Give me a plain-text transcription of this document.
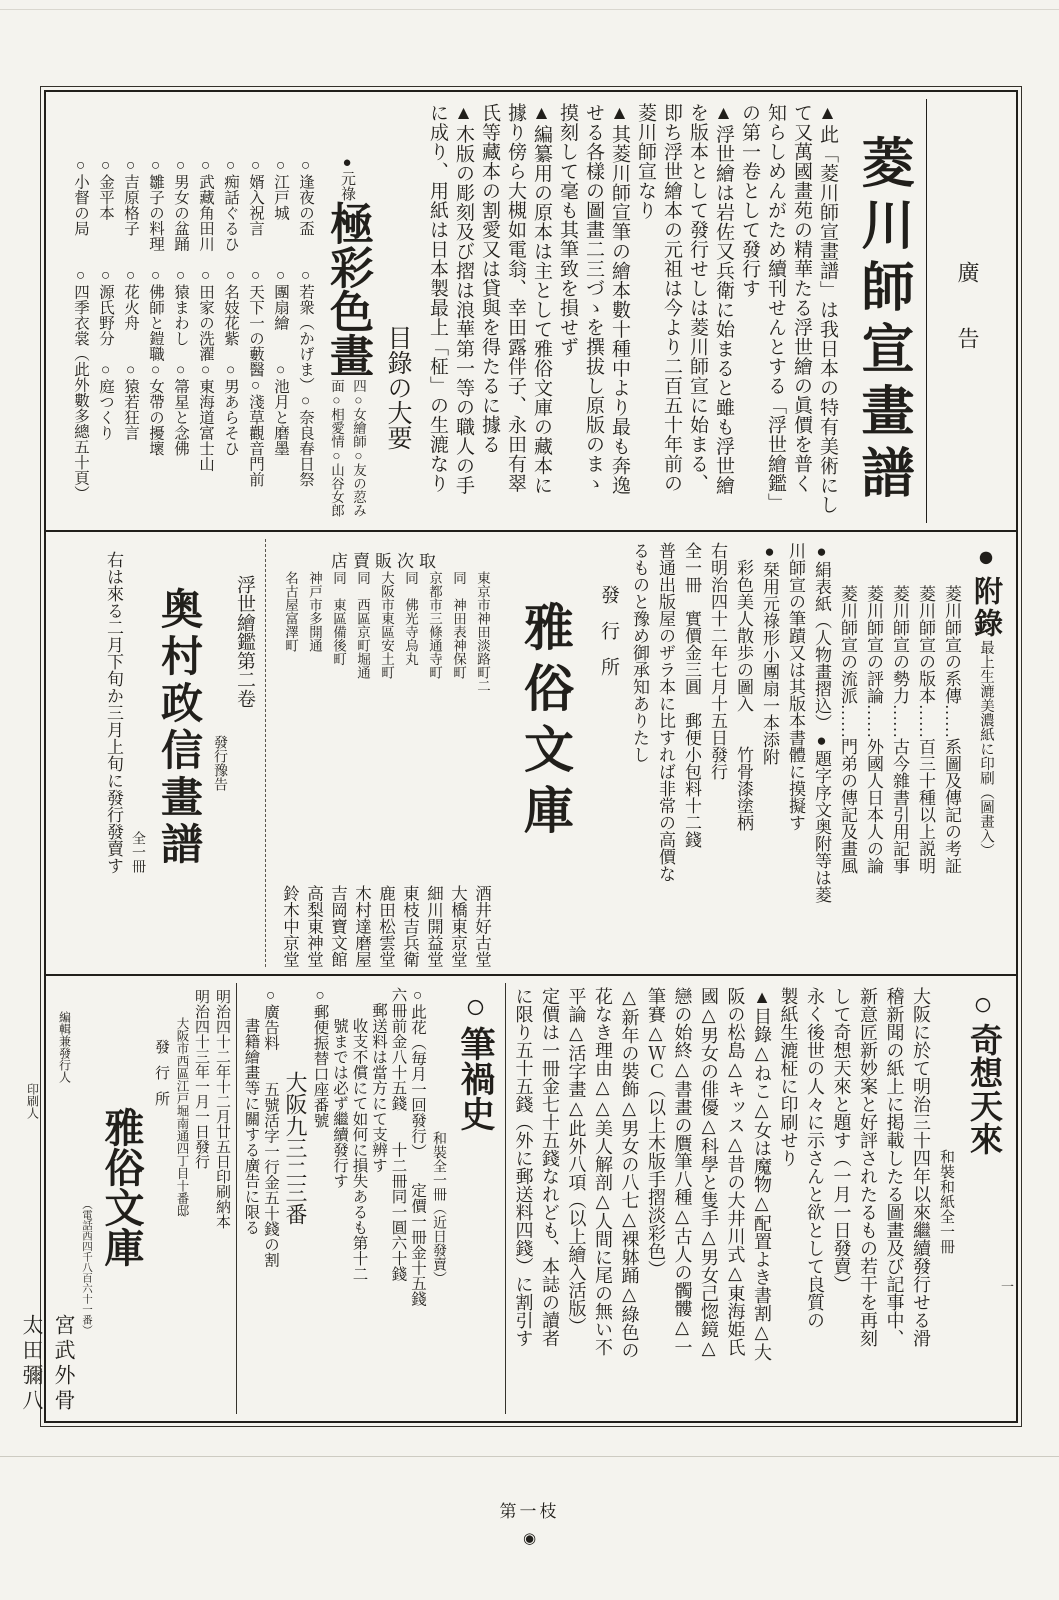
廣告

菱川師宣畫譜

▲此「菱川師宣畫譜」は我日本の特有美術にし

て又萬國畫苑の精華たる浮世繪の眞價を普く

知らしめんがため續刊せんとする「浮世繪鑑」

の第一卷として發行す

▲浮世繪は岩佐又兵衛に始まると雖も浮世繪

を版本として發行せしは菱川師宣に始まる、

即ち浮世繪本の元祖は今より二百五十年前の

菱川師宣なり

▲其菱川師宣筆の繪本數十種中より最も奔逸

せる各樣の圖畫二三づゝを撰拔し原版のまゝ

摸刻して毫も其筆致を損せず

▲編纂用の原本は主として雅俗文庫の藏本に

據り傍ら大槻如電翁、幸田露伴子、永田有翠

氏等藏本の割愛又は貸與を得たるに據る

▲木版の彫刻及び摺は浪華第一等の職人の手

に成り、用紙は日本製最上「柾」の生漉なり

目錄の大要

●元祿

極彩色畫

四○女繪師○友の荵み

面○相愛情○山谷女郎

○逢夜の盃　　○若衆（かげま）○奈良春日祭

○江戸城　　　○團扇繪　　○池月と磨墨

○婿入祝言　　○天下一の藪醫○淺草觀音門前

○痴話ぐるひ　○名妓花紫　○男あらそひ

○武藏角田川　○田家の洗濯○東海道富士山

○男女の盆踊　○猿まわし　○箒星と念佛

○雛子の料理　○佛師と鎧職○女帶の擾壞

○吉原格子　　○花火舟　　○猿若狂言

○金平本　　　○源氏野分　○庭つくり

○小督の局　　○四季衣裳（此外數多總五十頁）

●附錄最上生漉美濃紙に印刷（圖畫入）

菱川師宣の系傳……系圖及傳記の考証

菱川師宣の版本……百三十種以上説明

菱川師宣の勢力……古今雜書引用記事

菱川師宣の評論……外國人日本人の論

菱川師宣の流派……門弟の傳記及畫風

●絹表紙（人物畫摺込）●題字序文奥附等は菱

川師宣の筆蹟又は其版本書體に摸擬す

●栞用元祿形小團扇一本添附

　彩色美人散歩の圖入　　竹骨漆塗柄

右明治四十二年七月十五日發行

全一冊　實價金三圓　郵便小包料十二錢

普通出版屋のザラ本に比すれば非常の高價な

るものと豫め御承知ありたし

發行所

雅俗文庫

店賣販次取

東京市神田淡路町二

酒井好古堂

同　神田表神保町

大橋東京堂

京都市三條通寺町

細川開益堂

同　佛光寺烏丸

東枝吉兵衛

大阪市東區安土町

鹿田松雲堂

同　西區京町堀通

木村達磨屋

同　東區備後町

吉岡寶文館

神戸市多開通

高梨東神堂

名古屋富澤町

鈴木中京堂

浮世繪鑑第二卷

發行豫告

奥村政信畫譜

全一冊

右は來る二月下旬か三月上旬に發行發賣す

○奇想天來

和裝和紙全一冊

大阪に於て明治三十四年以來繼續發行せる滑

稽新聞の紙上に掲載したる圖畫及び記事中、

新意匠新妙案と好評されたるもの若干を再刻

して奇想天來と題す（一月一日發賣）

永く後世の人々に示さんと欲として良質の

製紙生漉柾に印刷せり

▲目錄△ねこ△女は魔物△配置よき書割△大

阪の松島△キッス△昔の大井川式△東海姫氏

國△男女の俳優△科學と隻手△男女己惚鏡△

戀の始終△書畫の贋筆八種△古人の髑髏△一

筆賽△ＷＣ（以上木版手摺淡彩色）

△新年の裝飾△男女の八七△裸躰踊△綠色の

花なき理由△△美人解剖△人間に尾の無い不

平論△活字畫△此外八項（以上繪入活版）

定價は一冊金七十五錢なれども、本誌の讀者

に限り五十五錢（外に郵送料四錢）に割引す

○筆禍史

和裝全一冊（近日發賣）

○此花（毎月一回發行）　　定價一冊金十五錢

六冊前金八十五錢　　十二冊同一圓六十錢

　郵送料は當方にて支辨す

　　收支不償にて如何に損失あるも第十二

　　號までは必ず繼續發行す

○郵便振替口座番號

大阪九三二三番

○廣告料　　五號活字一行金五十錢の割

　　書籍繪畫等に關する廣告に限る

明治四十二年十二月廿五日印刷納本

明治四十三年一月一日發行

大阪市西區江戸堀南通四丁目十番邸

發行所

雅俗文庫

（電話西四千八百六十一番）

編輯兼發行人

宮武外骨

印刷人

太田彌八

一
第一枝
◉
